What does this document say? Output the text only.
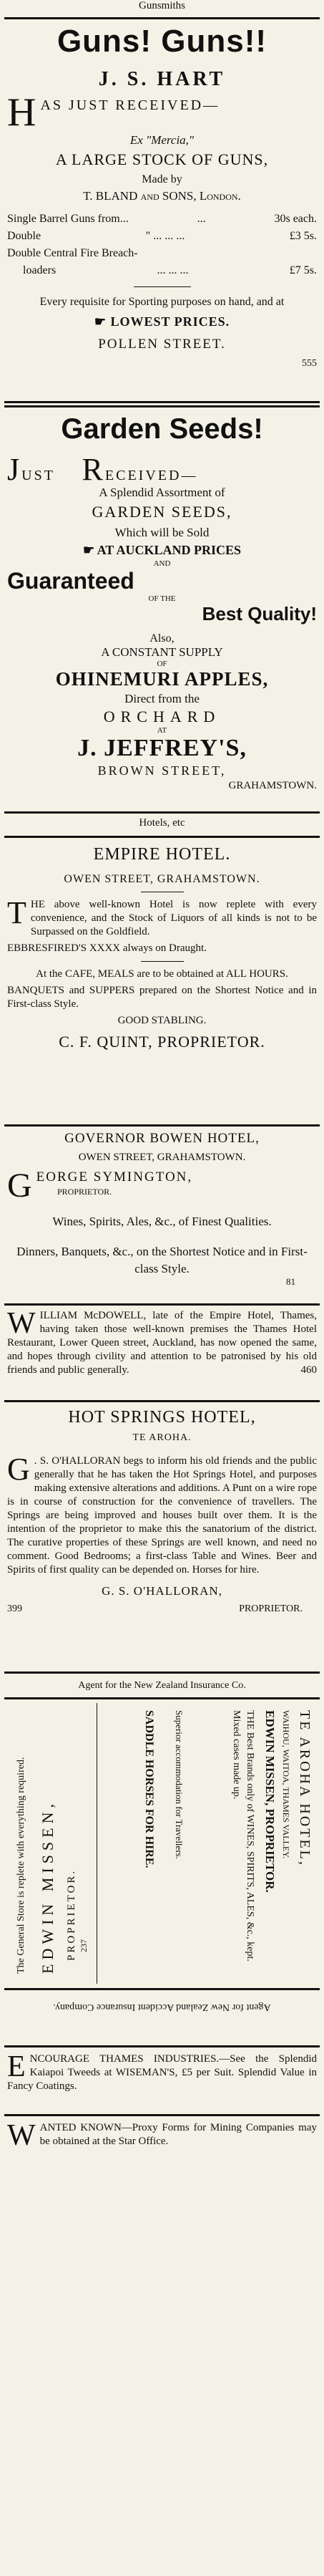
Gunsmiths
Guns! Guns!!
J. S. HART
H AS JUST RECEIVED—
Ex "Mercia,"
A LARGE STOCK OF GUNS,
Made by
T. BLAND and SONS, London.
Single Barrel Guns from...	...	30s each.
Double	" ... ... ...	£3 5s.
Double Central Fire Breach-
loaders	... ... ...	£7 5s.
Every requisite for Sporting purposes on hand, and at
☛ LOWEST PRICES.
POLLEN STREET.
555
Garden Seeds!
JUST RECEIVED—
A Splendid Assortment of
GARDEN SEEDS,
Which will be Sold
☛ AT AUCKLAND PRICES
AND
Guaranteed
OF THE
Best Quality!
Also,
A CONSTANT SUPPLY
OF
OHINEMURI APPLES,
Direct from the
ORCHARD
AT
J. JEFFREY'S,
BROWN STREET,
GRAHAMSTOWN.
Hotels, etc
EMPIRE HOTEL.
OWEN STREET, GRAHAMSTOWN.
THE above well-known Hotel is now replete with every convenience, and the Stock of Liquors of all kinds is not to be Surpassed on the Goldfield.

EBBRESFIRED'S XXXX always on Draught.

At the CAFE, MEALS are to be obtained at ALL HOURS.

BANQUETS and SUPPERS prepared on the Shortest Notice and in First-class Style.

GOOD STABLING.

C. F. QUINT, PROPRIETOR.

GOVERNOR BOWEN HOTEL,
OWEN STREET, GRAHAMSTOWN.
G EORGE SYMINGTON,
PROPRIETOR.

Wines, Spirits, Ales, &c., of Finest Qualities.

Dinners, Banquets, &c., on the Shortest Notice and in First-class Style.

81
WILLIAM McDOWELL, late of the Empire Hotel, Thames, having taken those well-known premises the Thames Hotel Restaurant, Lower Queen street, Auckland, has now opened the same, and hopes through civility and attention to be patronised by his old friends and public generally.	460
HOT SPRINGS HOTEL,
TE AROHA.
G . S. O'HALLORAN begs to inform his old friends and the public generally that he has taken the Hot Springs Hotel, and purposes making extensive alterations and additions. A Punt on a wire rope is in course of construction for the convenience of travellers. The Springs are being improved and houses built over them. It is the intention of the proprietor to make this the sanatorium of the district. The curative properties of these Springs are well known, and need no comment. Good Bedrooms; a first-class Table and Wines. Beer and Spirits of first quality can be depended on. Horses for hire.
G. S. O'HALLORAN,
399	PROPRIETOR.
Agent for the New Zealand Insurance Co.
The General Store is replete with everything required. EDWIN MISSEN, PROPRIETOR. 237
TE AROHA HOTEL,
WAIHOU, WAITOA, THAMES VALLEY.
EDWIN MISSEN, PROPRIETOR.
THE Best Brands only of WINES, SPIRITS, ALES, &c., kept. Mixed cases made up.
Superior accommodation for Travellers.
SADDLE HORSES FOR HIRE.
Agent for New Zealand Accident Insurance Company.
ENCOURAGE THAMES INDUSTRIES.—See the Splendid Kaiapoi Tweeds at WISEMAN'S, £5 per Suit. Splendid Value in Fancy Coatings.
WANTED KNOWN—Proxy Forms for Mining Companies may be obtained at the Star Office.
